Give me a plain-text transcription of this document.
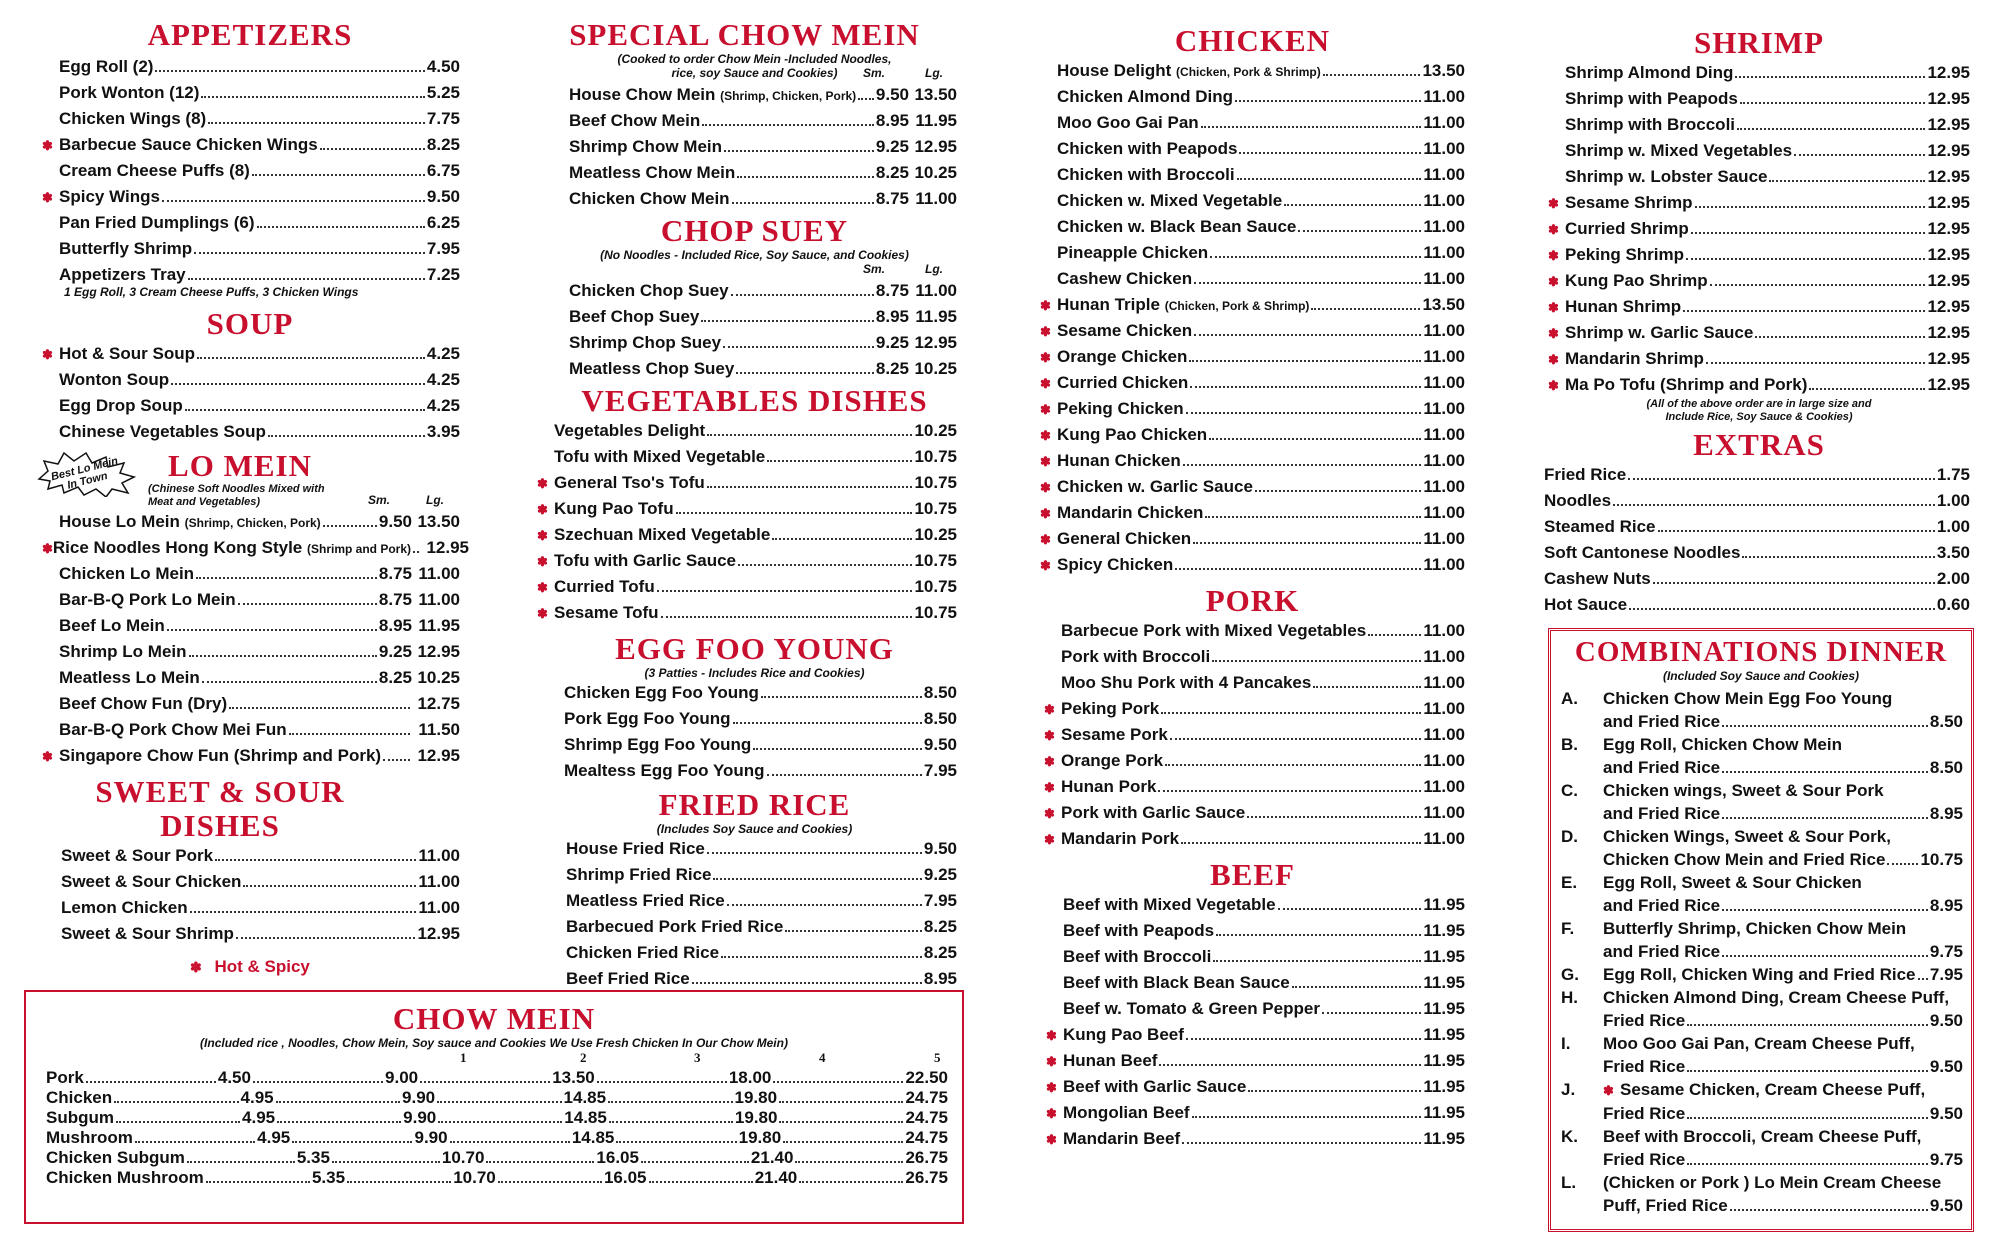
APPETIZERS
Egg Roll (2)	4.50
Pork Wonton (12)	5.25
Chicken Wings (8)	7.75
✽ Barbecue Sauce Chicken Wings	8.25
Cream Cheese Puffs (8)	6.75
✽ Spicy Wings	9.50
Pan Fried Dumplings (6)	6.25
Butterfly Shrimp	7.95
Appetizers Tray	7.25
1 Egg Roll, 3 Cream Cheese Puffs, 3 Chicken Wings
SOUP
✽ Hot & Sour Soup	4.25
Wonton Soup	4.25
Egg Drop Soup	4.25
Chinese Vegetables Soup	3.95
Best Lo Mein In Town	LO MEIN
(Chinese Soft Noodles Mixed with Meat and Vegetables)	Sm.	Lg.
House Lo Mein (Shrimp, Chicken, Pork)	9.50 13.50
✽ Rice Noodles Hong Kong Style (Shrimp and Pork) 12.95
Chicken Lo Mein	8.75 11.00
Bar-B-Q Pork Lo Mein	8.75 11.00
Beef Lo Mein	8.95 11.95
Shrimp Lo Mein	9.25 12.95
Meatless Lo Mein	8.25 10.25
Beef Chow Fun (Dry)	12.75
Bar-B-Q Pork Chow Mei Fun	11.50
✽ Singapore Chow Fun (Shrimp and Pork)	12.95
SWEET & SOUR
DISHES
Sweet & Sour Pork	11.00
Sweet & Sour Chicken	11.00
Lemon Chicken	11.00
Sweet & Sour Shrimp	12.95
✽ Hot & Spicy
SPECIAL CHOW MEIN
(Cooked to order Chow Mein -Included Noodles,
rice, soy Sauce and Cookies)	Sm.	Lg.
House Chow Mein (Shrimp, Chicken, Pork) 9.50 13.50
Beef Chow Mein	8.95 11.95
Shrimp Chow Mein	9.25 12.95
Meatless Chow Mein	8.25 10.25
Chicken Chow Mein	8.75 11.00
CHOP SUEY
(No Noodles - Included Rice, Soy Sauce, and Cookies)
Sm.	Lg.
Chicken Chop Suey	8.75 11.00
Beef Chop Suey	8.95 11.95
Shrimp Chop Suey	9.25 12.95
Meatless Chop Suey	8.25 10.25
VEGETABLES DISHES
Vegetables Delight	10.25
Tofu with Mixed Vegetable	10.75
✽ General Tso's Tofu	10.75
✽ Kung Pao Tofu	10.75
✽ Szechuan Mixed Vegetable	10.25
✽ Tofu with Garlic Sauce	10.75
✽ Curried Tofu	10.75
✽ Sesame Tofu	10.75
EGG FOO YOUNG
(3 Patties - Includes Rice and Cookies)
Chicken Egg Foo Young	8.50
Pork Egg Foo Young	8.50
Shrimp Egg Foo Young	9.50
Mealtess Egg Foo Young	7.95
FRIED RICE
(Includes Soy Sauce and Cookies)
House Fried Rice	9.50
Shrimp Fried Rice	9.25
Meatless Fried Rice	7.95
Barbecued Pork Fried Rice	8.25
Chicken Fried Rice	8.25
Beef Fried Rice	8.95
CHOW MEIN
(Included rice , Noodles, Chow Mein, Soy sauce and Cookies We Use Fresh Chicken In Our Chow Mein)
1	2	3	4	5
Pork	4.50	9.00	13.50	18.00	22.50
Chicken	4.95	9.90	14.85	19.80	24.75
Subgum	4.95	9.90	14.85	19.80	24.75
Mushroom	4.95	9.90	14.85	19.80	24.75
Chicken Subgum	5.35	10.70	16.05	21.40	26.75
Chicken Mushroom	5.35	10.70	16.05	21.40	26.75
CHICKEN
House Delight (Chicken, Pork & Shrimp)	13.50
Chicken Almond Ding	11.00
Moo Goo Gai Pan	11.00
Chicken with Peapods	11.00
Chicken with Broccoli	11.00
Chicken w. Mixed Vegetable	11.00
Chicken w. Black Bean Sauce	11.00
Pineapple Chicken	11.00
Cashew Chicken	11.00
✽ Hunan Triple (Chicken, Pork & Shrimp)	13.50
✽ Sesame Chicken	11.00
✽ Orange Chicken	11.00
✽ Curried Chicken	11.00
✽ Peking Chicken	11.00
✽ Kung Pao Chicken	11.00
✽ Hunan Chicken	11.00
✽ Chicken w. Garlic Sauce	11.00
✽ Mandarin Chicken	11.00
✽ General Chicken	11.00
✽ Spicy Chicken	11.00
PORK
Barbecue Pork with Mixed Vegetables	11.00
Pork with Broccoli	11.00
Moo Shu Pork with 4 Pancakes	11.00
✽ Peking Pork	11.00
✽ Sesame Pork	11.00
✽ Orange Pork	11.00
✽ Hunan Pork	11.00
✽ Pork with Garlic Sauce	11.00
✽ Mandarin Pork	11.00
BEEF
Beef with Mixed Vegetable	11.95
Beef with Peapods	11.95
Beef with Broccoli	11.95
Beef with Black Bean Sauce	11.95
Beef w. Tomato & Green Pepper	11.95
✽ Kung Pao Beef	11.95
✽ Hunan Beef	11.95
✽ Beef with Garlic Sauce	11.95
✽ Mongolian Beef	11.95
✽ Mandarin Beef	11.95
SHRIMP
Shrimp Almond Ding	12.95
Shrimp with Peapods	12.95
Shrimp with Broccoli	12.95
Shrimp w. Mixed Vegetables	12.95
Shrimp w. Lobster Sauce	12.95
✽ Sesame Shrimp	12.95
✽ Curried Shrimp	12.95
✽ Peking Shrimp	12.95
✽ Kung Pao Shrimp	12.95
✽ Hunan Shrimp	12.95
✽ Shrimp w. Garlic Sauce	12.95
✽ Mandarin Shrimp	12.95
✽ Ma Po Tofu (Shrimp and Pork)	12.95
(All of the above order are in large size and
Include Rice, Soy Sauce & Cookies)
EXTRAS
Fried Rice	1.75
Noodles	1.00
Steamed Rice	1.00
Soft Cantonese Noodles	3.50
Cashew Nuts	2.00
Hot Sauce	0.60
COMBINATIONS DINNER
(Included Soy Sauce and Cookies)
A.	Chicken Chow Mein Egg Foo Young
and Fried Rice	8.50
B.	Egg Roll, Chicken Chow Mein
and Fried Rice	8.50
C.	Chicken wings, Sweet & Sour Pork
and Fried Rice	8.95
D.	Chicken Wings, Sweet & Sour Pork,
Chicken Chow Mein and Fried Rice 10.75
E.	Egg Roll, Sweet & Sour Chicken
and Fried Rice	8.95
F.	Butterfly Shrimp, Chicken Chow Mein
and Fried Rice	9.75
G.	Egg Roll, Chicken Wing and Fried Rice 7.95
H.	Chicken Almond Ding, Cream Cheese Puff,
Fried Rice	9.50
I.	Moo Goo Gai Pan, Cream Cheese Puff,
Fried Rice	9.50
J.	✽ Sesame Chicken, Cream Cheese Puff,
Fried Rice	9.50
K.	Beef with Broccoli, Cream Cheese Puff,
Fried Rice	9.75
L.	(Chicken or Pork ) Lo Mein Cream Cheese
Puff, Fried Rice	9.50
